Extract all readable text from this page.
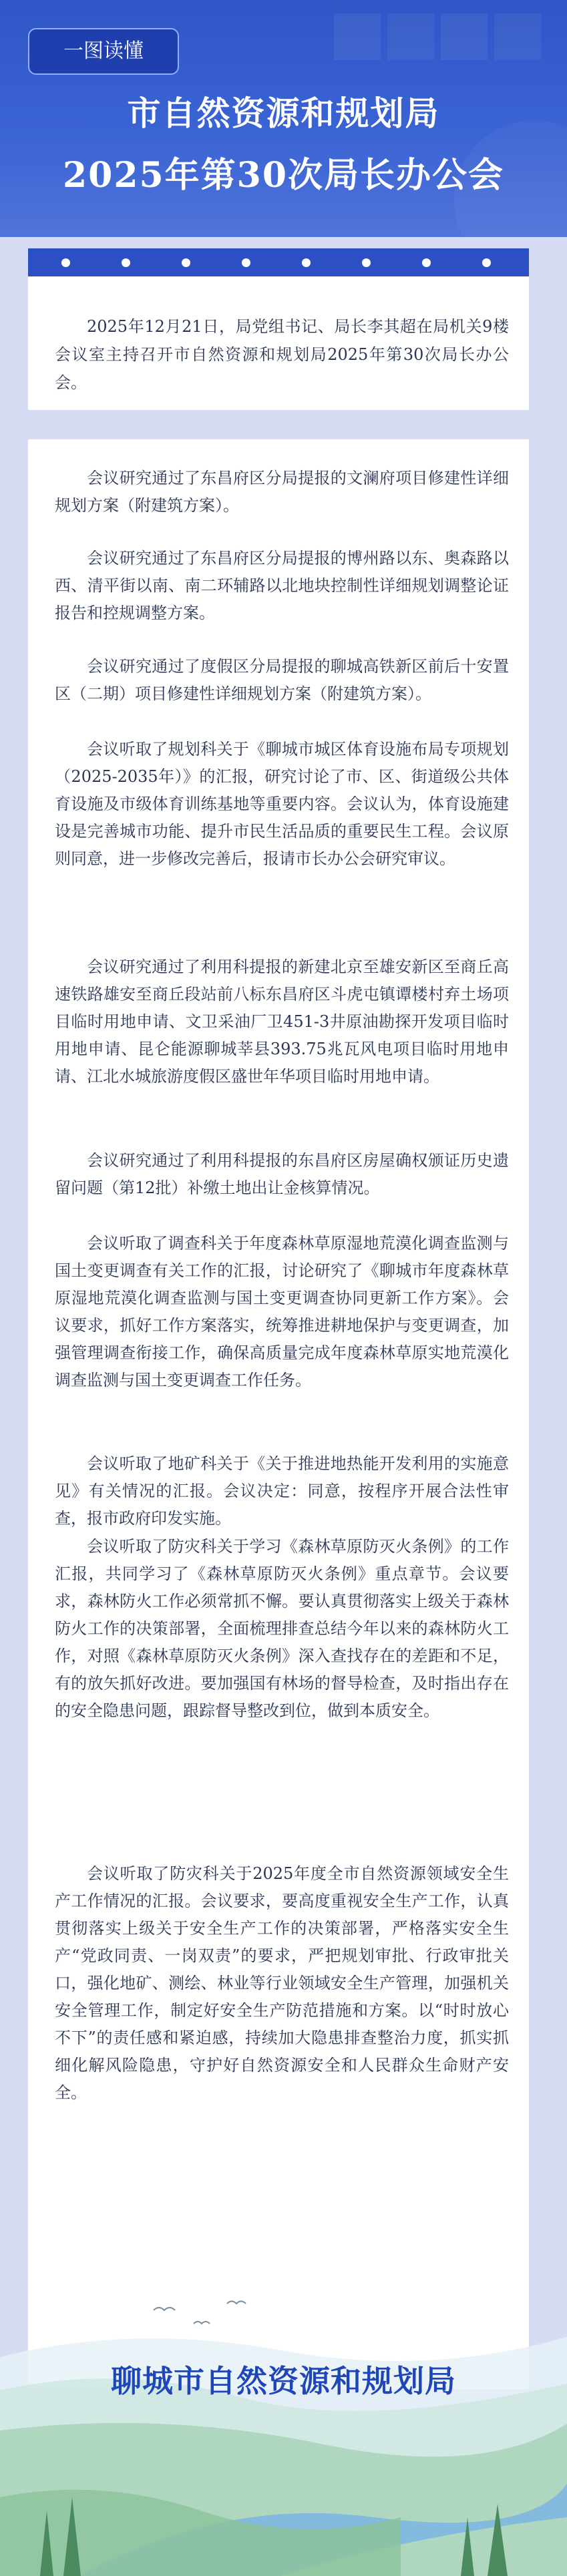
一图读懂
市自然资源和规划局
2025年第30次局长办公会

2025年12月21日，局党组书记、局长李其超在局机关9楼会议室主持召开市自然资源和规划局2025年第30次局长办公会。

会议研究通过了东昌府区分局提报的文澜府项目修建性详细规划方案（附建筑方案）。

会议研究通过了东昌府区分局提报的博州路以东、奥森路以西、清平街以南、南二环辅路以北地块控制性详细规划调整论证报告和控规调整方案。

会议研究通过了度假区分局提报的聊城高铁新区前后十安置区（二期）项目修建性详细规划方案（附建筑方案）。

会议听取了规划科关于《聊城市城区体育设施布局专项规划（2025-2035年）》的汇报，研究讨论了市、区、街道级公共体育设施及市级体育训练基地等重要内容。会议认为，体育设施建设是完善城市功能、提升市民生活品质的重要民生工程。会议原则同意，进一步修改完善后，报请市长办公会研究审议。

会议研究通过了利用科提报的新建北京至雄安新区至商丘高速铁路雄安至商丘段站前八标东昌府区斗虎屯镇谭楼村弃土场项目临时用地申请、文卫采油厂卫451-3井原油勘探开发项目临时用地申请、昆仑能源聊城莘县393.75兆瓦风电项目临时用地申请、江北水城旅游度假区盛世年华项目临时用地申请。

会议研究通过了利用科提报的东昌府区房屋确权颁证历史遗留问题（第12批）补缴土地出让金核算情况。

会议听取了调查科关于年度森林草原湿地荒漠化调查监测与国土变更调查有关工作的汇报，讨论研究了《聊城市年度森林草原湿地荒漠化调查监测与国土变更调查协同更新工作方案》。会议要求，抓好工作方案落实，统筹推进耕地保护与变更调查，加强管理调查衔接工作，确保高质量完成年度森林草原实地荒漠化调查监测与国土变更调查工作任务。

会议听取了地矿科关于《关于推进地热能开发利用的实施意见》有关情况的汇报。会议决定：同意，按程序开展合法性审查，报市政府印发实施。

会议听取了防灾科关于学习《森林草原防灭火条例》的工作汇报，共同学习了《森林草原防灭火条例》重点章节。会议要求，森林防火工作必须常抓不懈。要认真贯彻落实上级关于森林防火工作的决策部署，全面梳理排查总结今年以来的森林防火工作，对照《森林草原防灭火条例》深入查找存在的差距和不足，有的放矢抓好改进。要加强国有林场的督导检查，及时指出存在的安全隐患问题，跟踪督导整改到位，做到本质安全。

会议听取了防灾科关于2025年度全市自然资源领域安全生产工作情况的汇报。会议要求，要高度重视安全生产工作，认真贯彻落实上级关于安全生产工作的决策部署，严格落实安全生产“党政同责、一岗双责”的要求，严把规划审批、行政审批关口，强化地矿、测绘、林业等行业领域安全生产管理，加强机关安全管理工作，制定好安全生产防范措施和方案。以“时时放心不下”的责任感和紧迫感，持续加大隐患排查整治力度，抓实抓细化解风险隐患，守护好自然资源安全和人民群众生命财产安全。

聊城市自然资源和规划局
